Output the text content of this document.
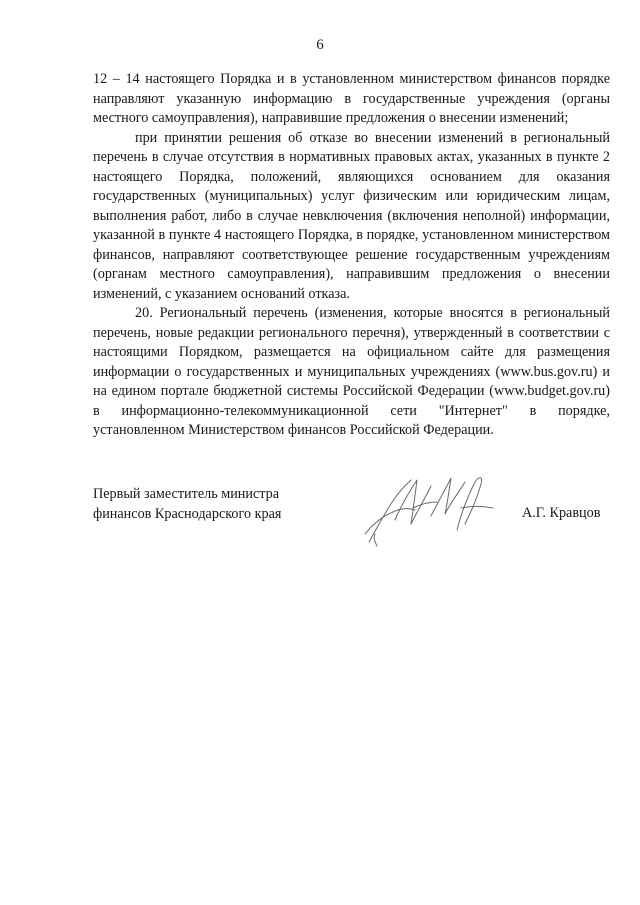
6

12 – 14 настоящего Порядка и в установленном министерством финансов порядке направляют указанную информацию в государственные учреждения (органы местного самоуправления), направившие предложения о внесении изменений;

при принятии решения об отказе во внесении изменений в региональный перечень в случае отсутствия в нормативных правовых актах, указанных в пункте 2 настоящего Порядка, положений, являющихся основанием для оказания государственных (муниципальных) услуг физическим или юридическим лицам, выполнения работ, либо в случае невключения (включения неполной) информации, указанной в пункте 4 настоящего Порядка, в порядке, установленном министерством финансов, направляют соответствующее решение государственным учреждениям (органам местного самоуправления), направившим предложения о внесении изменений, с указанием оснований отказа.

20. Региональный перечень (изменения, которые вносятся в региональный перечень, новые редакции регионального перечня), утвержденный в соответствии с настоящими Порядком, размещается на официальном сайте для размещения информации о государственных и муниципальных учреждениях (www.bus.gov.ru) и на едином портале бюджетной системы Российской Федерации (www.budget.gov.ru) в информационно-телекоммуникационной сети "Интернет" в порядке, установленном Министерством финансов Российской Федерации.

Первый заместитель министра
финансов Краснодарского края	А.Г. Кравцов
